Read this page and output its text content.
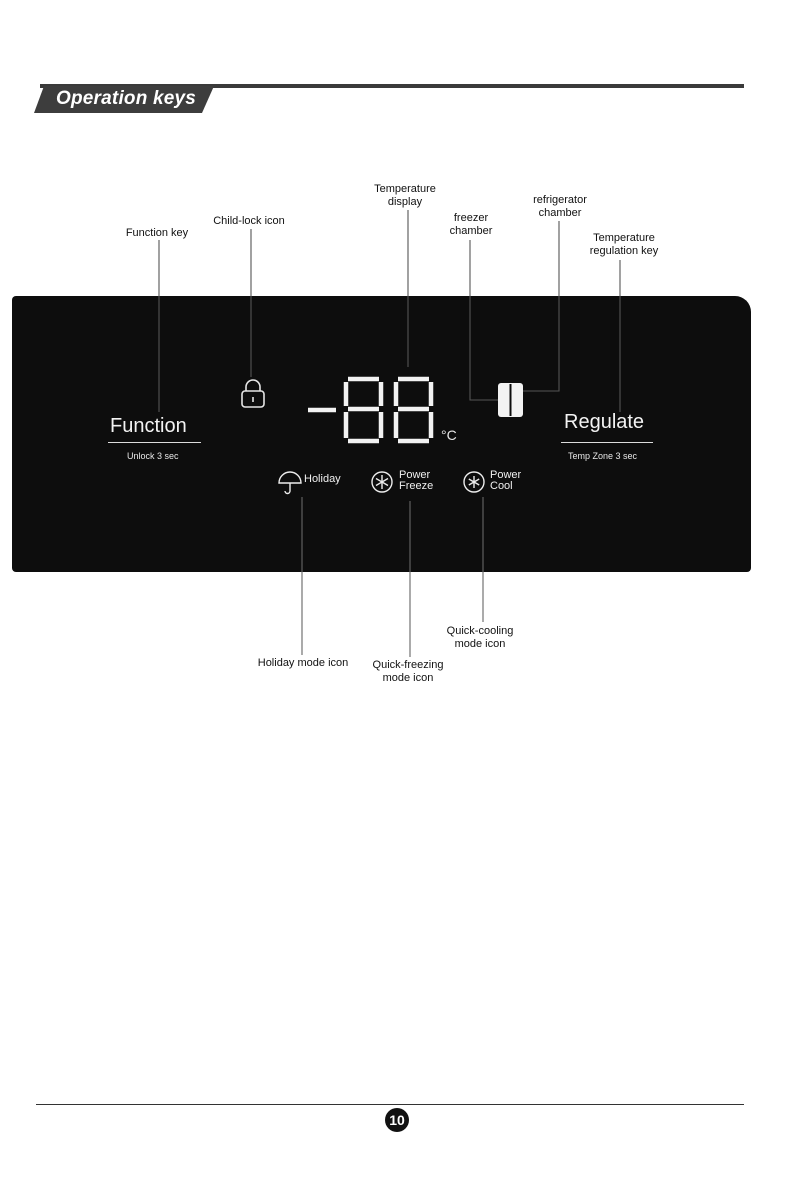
Operation keys
Function key
Child-lock icon
Temperature
display
freezer
chamber
refrigerator
chamber
Temperature
regulation key
Function
Unlock 3 sec
Regulate
Temp Zone 3 sec
°C
Holiday	Power
Freeze
Power
Cool
Holiday mode icon	Quick-freezing
mode icon
Quick-cooling
mode icon
10
